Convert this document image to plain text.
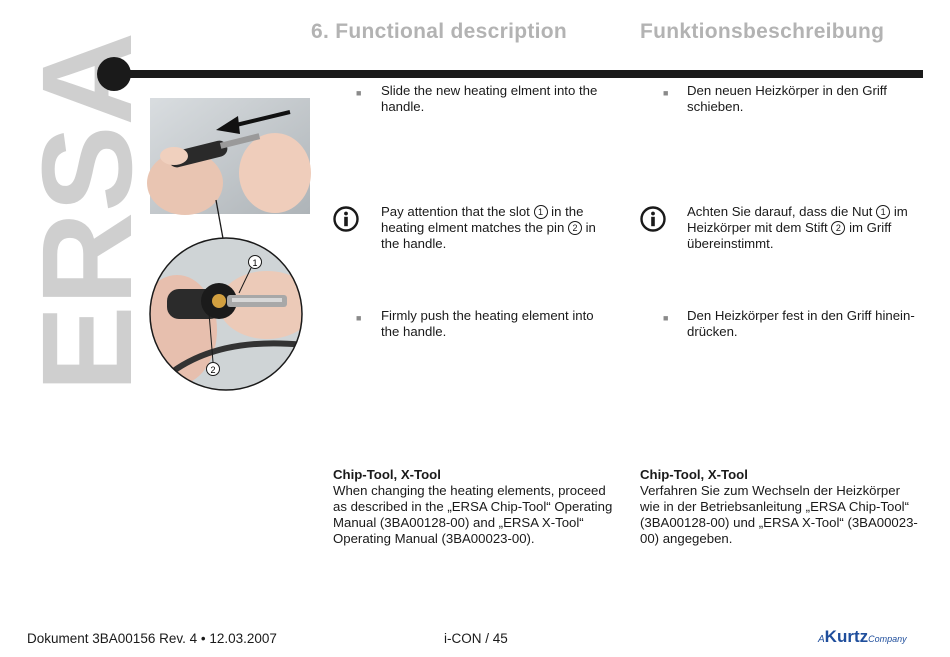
ERSA
6. Functional description	Funktionsbeschreibung
1
2
■ Slide the new heating elment into the handle.
Pay attention that the slot 1 in the heating elment matches the pin 2 in the handle.
■ Firmly push the heating element into the handle.
Chip-Tool, X-Tool
When changing the heating elements, proceed as described in the „ERSA Chip-Tool“ Operating Manual (3BA00128-00) and „ERSA X-Tool“ Operating Manual (3BA00023-00).
■ Den neuen Heizkörper in den Griff schieben.
Achten Sie darauf, dass die Nut 1 im Heizkörper mit dem Stift 2 im Griff übereinstimmt.
■ Den Heizkörper fest in den Griff hinein-drücken.
Chip-Tool, X-Tool
Verfahren Sie zum Wechseln der Heizkörper wie in der Betriebsanleitung „ERSA Chip-Tool“ (3BA00128-00) und „ERSA X-Tool“ (3BA00023-00) angegeben.
Dokument 3BA00156 Rev. 4 • 12.03.2007	i-CON / 45	AKurtzCompany
